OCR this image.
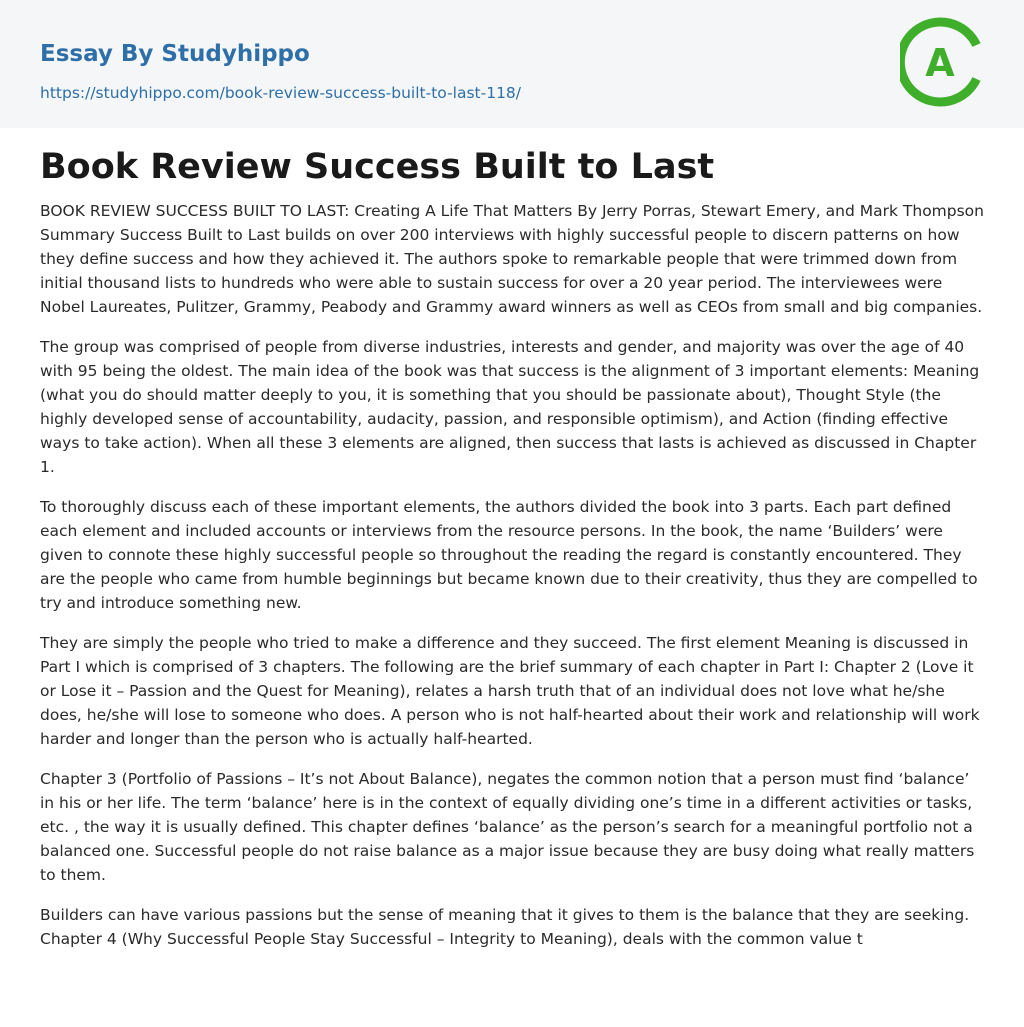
Essay By Studyhippo
https://studyhippo.com/book-review-success-built-to-last-118/
A
Book Review Success Built to Last

BOOK REVIEW SUCCESS BUILT TO LAST: Creating A Life That Matters By Jerry Porras, Stewart Emery, and Mark Thompson Summary Success Built to Last builds on over 200 interviews with highly successful people to discern patterns on how they define success and how they achieved it. The authors spoke to remarkable people that were trimmed down from initial thousand lists to hundreds who were able to sustain success for over a 20 year period. The interviewees were Nobel Laureates, Pulitzer, Grammy, Peabody and Grammy award winners as well as CEOs from small and big companies.

The group was comprised of people from diverse industries, interests and gender, and majority was over the age of 40 with 95 being the oldest. The main idea of the book was that success is the alignment of 3 important elements: Meaning (what you do should matter deeply to you, it is something that you should be passionate about), Thought Style (the highly developed sense of accountability, audacity, passion, and responsible optimism), and Action (finding effective ways to take action). When all these 3 elements are aligned, then success that lasts is achieved as discussed in Chapter 1.

To thoroughly discuss each of these important elements, the authors divided the book into 3 parts. Each part defined each element and included accounts or interviews from the resource persons. In the book, the name ‘Builders’ were given to connote these highly successful people so throughout the reading the regard is constantly encountered. They are the people who came from humble beginnings but became known due to their creativity, thus they are compelled to try and introduce something new.

They are simply the people who tried to make a difference and they succeed. The first element Meaning is discussed in Part I which is comprised of 3 chapters. The following are the brief summary of each chapter in Part I: Chapter 2 (Love it or Lose it – Passion and the Quest for Meaning), relates a harsh truth that of an individual does not love what he/she does, he/she will lose to someone who does. A person who is not half-hearted about their work and relationship will work harder and longer than the person who is actually half-hearted.

Chapter 3 (Portfolio of Passions – It’s not About Balance), negates the common notion that a person must find ‘balance’ in his or her life. The term ‘balance’ here is in the context of equally dividing one’s time in a different activities or tasks, etc. , the way it is usually defined. This chapter defines ‘balance’ as the person’s search for a meaningful portfolio not a balanced one. Successful people do not raise balance as a major issue because they are busy doing what really matters to them.

Builders can have various passions but the sense of meaning that it gives to them is the balance that they are seeking. Chapter 4 (Why Successful People Stay Successful – Integrity to Meaning), deals with the common value t
